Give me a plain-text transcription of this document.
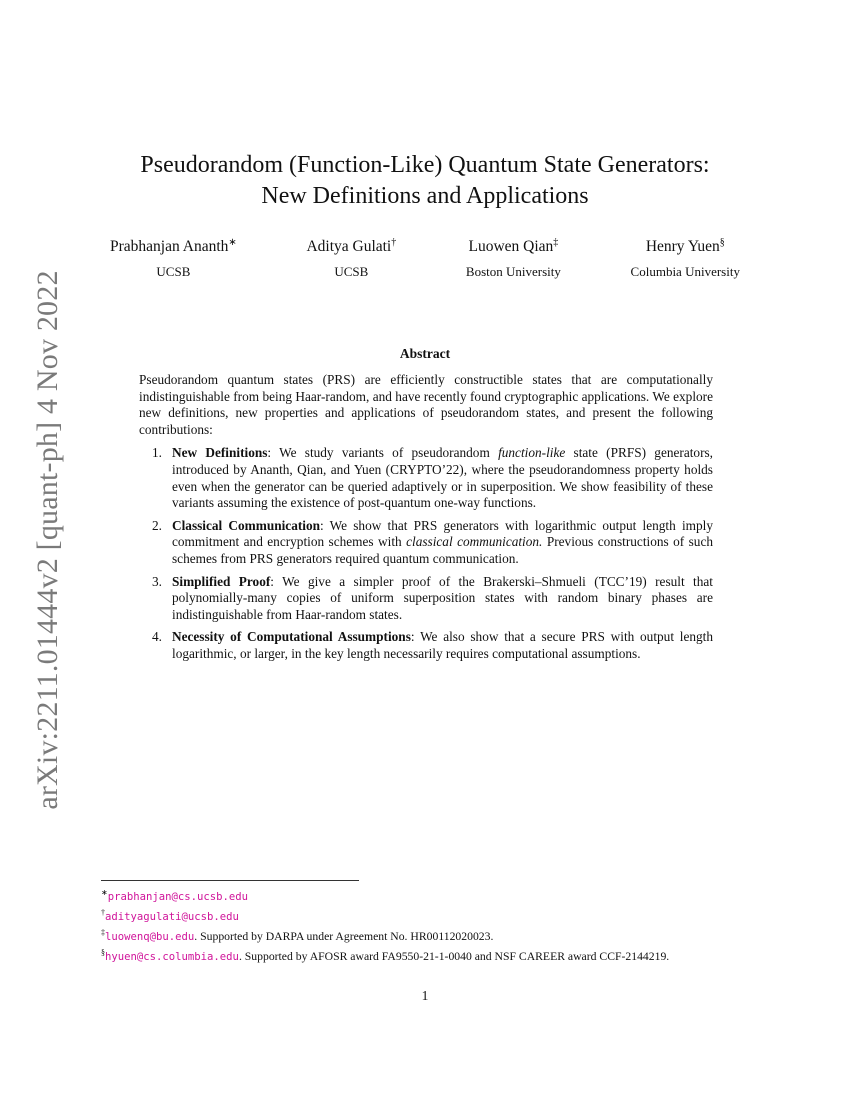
arXiv:2211.01444v2 [quant-ph] 4 Nov 2022
Pseudorandom (Function-Like) Quantum State Generators:
New Definitions and Applications
Prabhanjan Ananth∗
UCSB
Aditya Gulati†
UCSB
Luowen Qian‡
Boston University
Henry Yuen§
Columbia University
Abstract

Pseudorandom quantum states (PRS) are efficiently constructible states that are computationally indistinguishable from being Haar-random, and have recently found cryptographic applications. We explore new definitions, new properties and applications of pseudorandom states, and present the following contributions:

1. New Definitions: We study variants of pseudorandom function-like state (PRFS) generators, introduced by Ananth, Qian, and Yuen (CRYPTO’22), where the pseudorandomness property holds even when the generator can be queried adaptively or in superposition. We show feasibility of these variants assuming the existence of post-quantum one-way functions.
2. Classical Communication: We show that PRS generators with logarithmic output length imply commitment and encryption schemes with classical communication. Previous constructions of such schemes from PRS generators required quantum communication.
3. Simplified Proof: We give a simpler proof of the Brakerski–Shmueli (TCC’19) result that polynomially-many copies of uniform superposition states with random binary phases are indistinguishable from Haar-random states.
4. Necessity of Computational Assumptions: We also show that a secure PRS with output length logarithmic, or larger, in the key length necessarily requires computational assumptions.
∗prabhanjan@cs.ucsb.edu
†adityagulati@ucsb.edu
‡luowenq@bu.edu. Supported by DARPA under Agreement No. HR00112020023.
§hyuen@cs.columbia.edu. Supported by AFOSR award FA9550-21-1-0040 and NSF CAREER award CCF-2144219.
1
